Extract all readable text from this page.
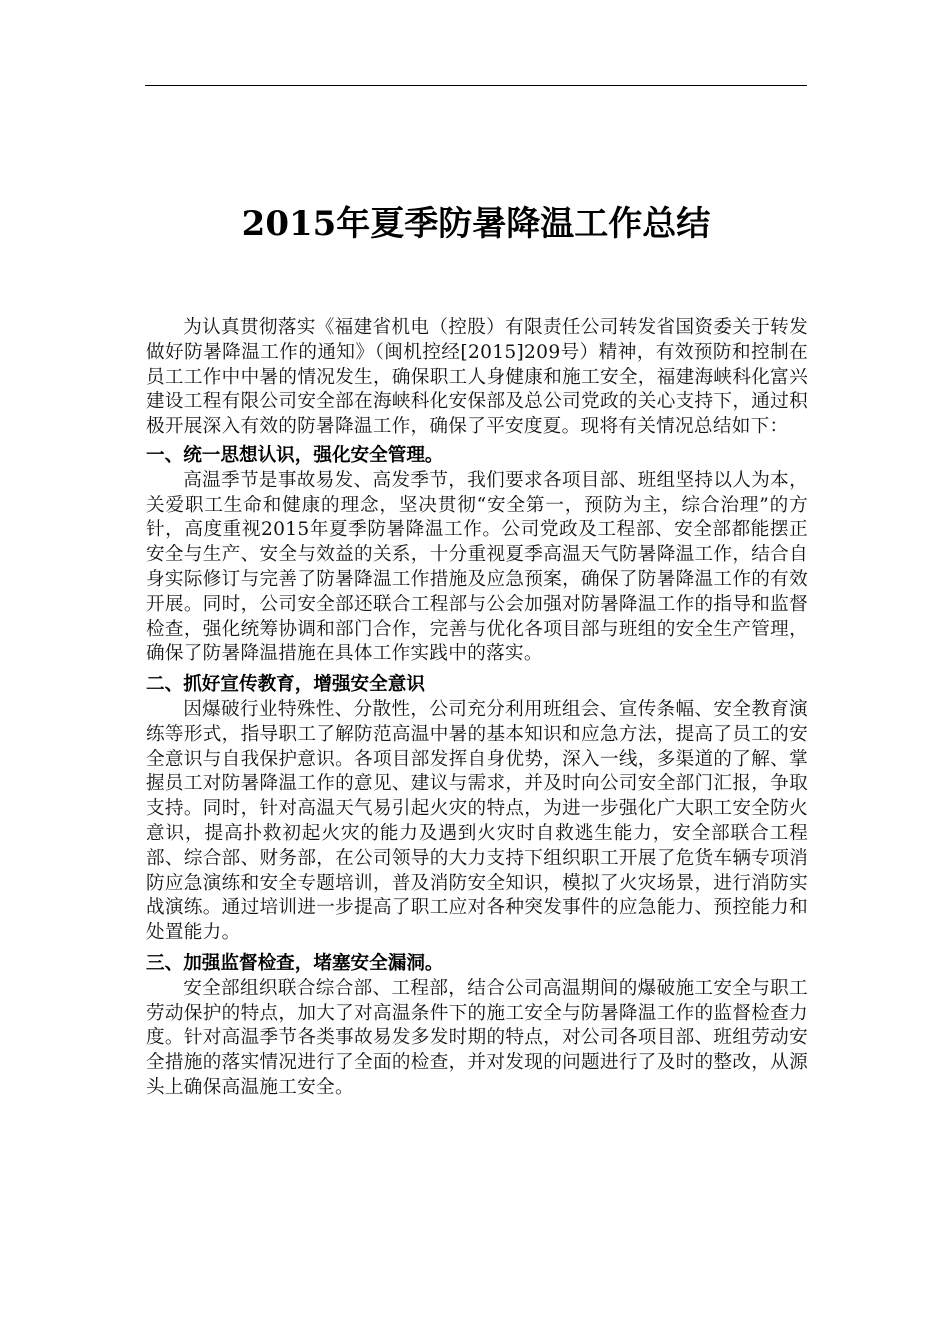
2015年夏季防暑降温工作总结

为认真贯彻落实《福建省机电（控股）有限责任公司转发省国资委关于转发做好防暑降温工作的通知》（闽机控经[2015]209号）精神，有效预防和控制在员工工作中中暑的情况发生，确保职工人身健康和施工安全，福建海峡科化富兴建设工程有限公司安全部在海峡科化安保部及总公司党政的关心支持下，通过积极开展深入有效的防暑降温工作，确保了平安度夏。现将有关情况总结如下：

一、统一思想认识，强化安全管理。

高温季节是事故易发、高发季节，我们要求各项目部、班组坚持以人为本，关爱职工生命和健康的理念，坚决贯彻“安全第一，预防为主，综合治理”的方针，高度重视2015年夏季防暑降温工作。公司党政及工程部、安全部都能摆正安全与生产、安全与效益的关系，十分重视夏季高温天气防暑降温工作，结合自身实际修订与完善了防暑降温工作措施及应急预案，确保了防暑降温工作的有效开展。同时，公司安全部还联合工程部与公会加强对防暑降温工作的指导和监督检查，强化统筹协调和部门合作，完善与优化各项目部与班组的安全生产管理，确保了防暑降温措施在具体工作实践中的落实。

二、抓好宣传教育，增强安全意识

因爆破行业特殊性、分散性，公司充分利用班组会、宣传条幅、安全教育演练等形式，指导职工了解防范高温中暑的基本知识和应急方法，提高了员工的安全意识与自我保护意识。各项目部发挥自身优势，深入一线，多渠道的了解、掌握员工对防暑降温工作的意见、建议与需求，并及时向公司安全部门汇报，争取支持。同时，针对高温天气易引起火灾的特点，为进一步强化广大职工安全防火意识，提高扑救初起火灾的能力及遇到火灾时自救逃生能力，安全部联合工程部、综合部、财务部，在公司领导的大力支持下组织职工开展了危货车辆专项消防应急演练和安全专题培训，普及消防安全知识，模拟了火灾场景，进行消防实战演练。通过培训进一步提高了职工应对各种突发事件的应急能力、预控能力和处置能力。

三、加强监督检查，堵塞安全漏洞。

安全部组织联合综合部、工程部，结合公司高温期间的爆破施工安全与职工劳动保护的特点，加大了对高温条件下的施工安全与防暑降温工作的监督检查力度。针对高温季节各类事故易发多发时期的特点，对公司各项目部、班组劳动安全措施的落实情况进行了全面的检查，并对发现的问题进行了及时的整改，从源头上确保高温施工安全。
